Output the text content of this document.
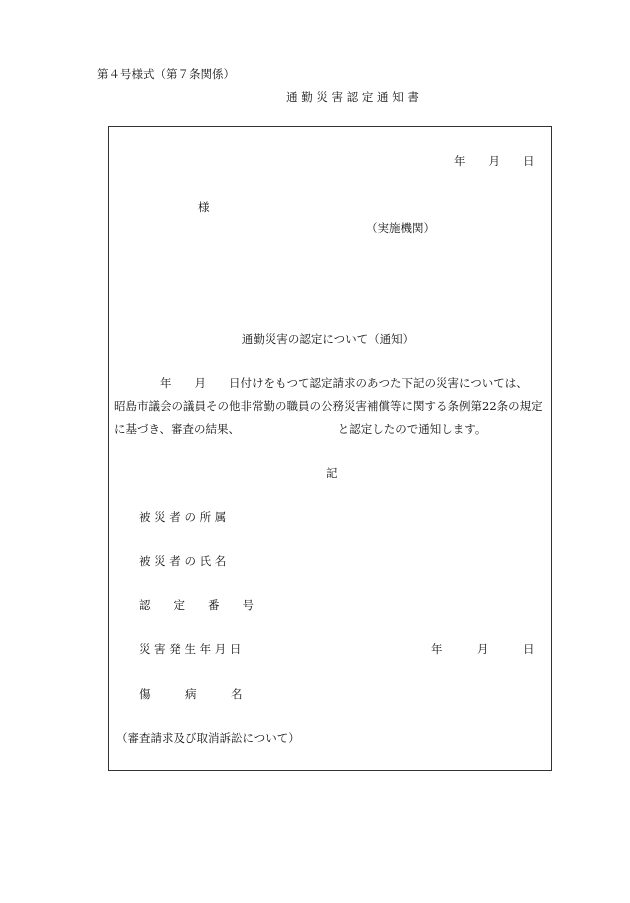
第４号様式（第７条関係）
通 勤 災 害 認 定 通 知 書
年　　月　　日
様
（実施機関）
通勤災害の認定について（通知）
　　　　年　　月　　日付けをもつて認定請求のあつた下記の災害については、
昭島市議会の議員その他非常勤の職員の公務災害補償等に関する条例第22条の規定
に基づき、審査の結果、　　　　　　　　　と認定したので通知します。
記
被 災 者 の 所 属
被 災 者 の 氏 名
認　　定　　番　　号
災 害 発 生 年 月 日	年　　　月　　　日
傷　　　病　　　名
（審査請求及び取消訴訟について）
